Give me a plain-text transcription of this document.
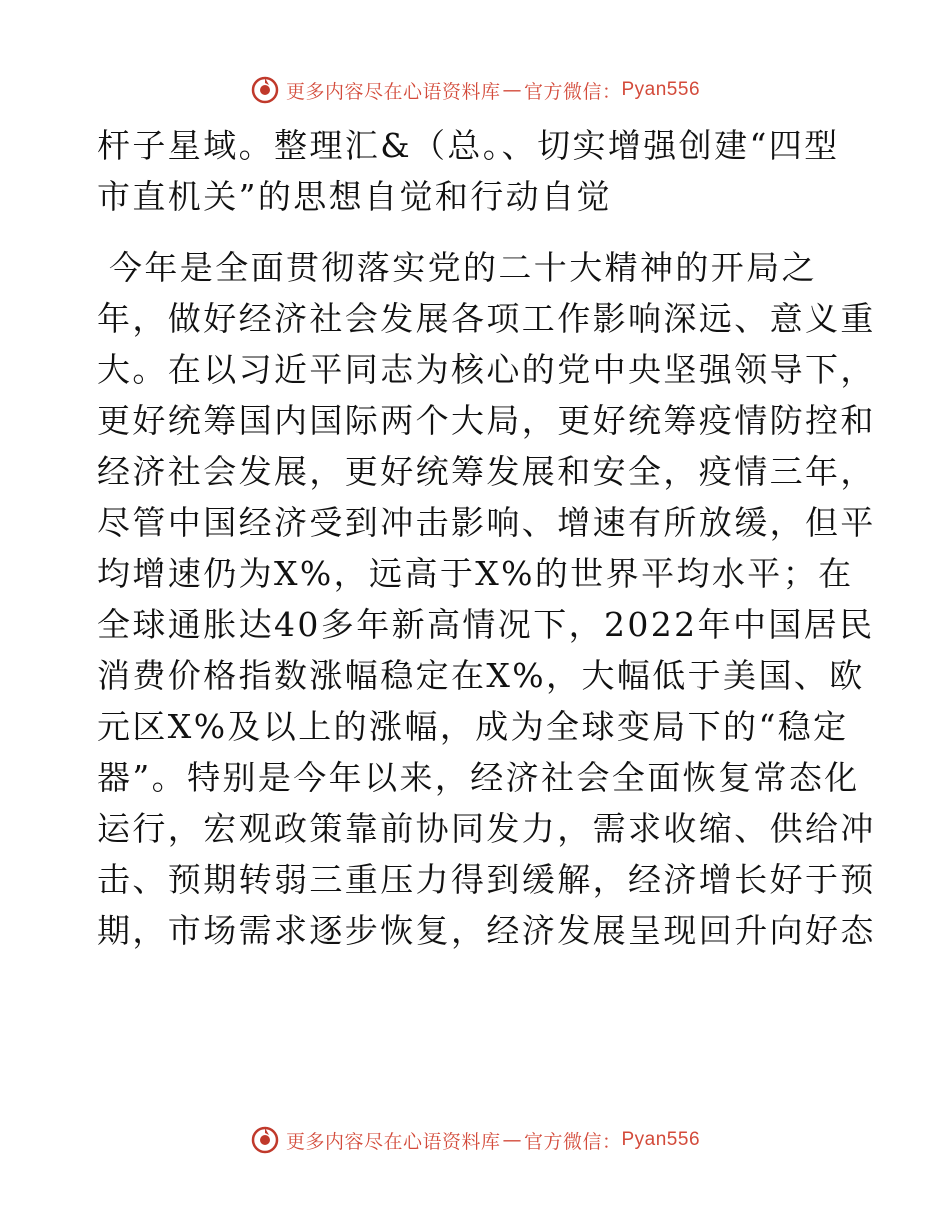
更多内容尽在心语资料库 — 官方微信： Pyan556
杆子星域。整理汇&（总。、切实增强创建“四型
市直机关”的思想自觉和行动自觉
今年是全面贯彻落实党的二十大精神的开局之
年，做好经济社会发展各项工作影响深远、意义重
大。在以习近平同志为核心的党中央坚强领导下，
更好统筹国内国际两个大局，更好统筹疫情防控和
经济社会发展，更好统筹发展和安全，疫情三年，
尽管中国经济受到冲击影响、增速有所放缓，但平
均增速仍为X%，远高于X%的世界平均水平；在
全球通胀达40多年新高情况下，2022年中国居民
消费价格指数涨幅稳定在X%，大幅低于美国、欧
元区X%及以上的涨幅，成为全球变局下的“稳定
器”。特别是今年以来，经济社会全面恢复常态化
运行，宏观政策靠前协同发力，需求收缩、供给冲
击、预期转弱三重压力得到缓解，经济增长好于预
期，市场需求逐步恢复，经济发展呈现回升向好态
更多内容尽在心语资料库 — 官方微信： Pyan556
